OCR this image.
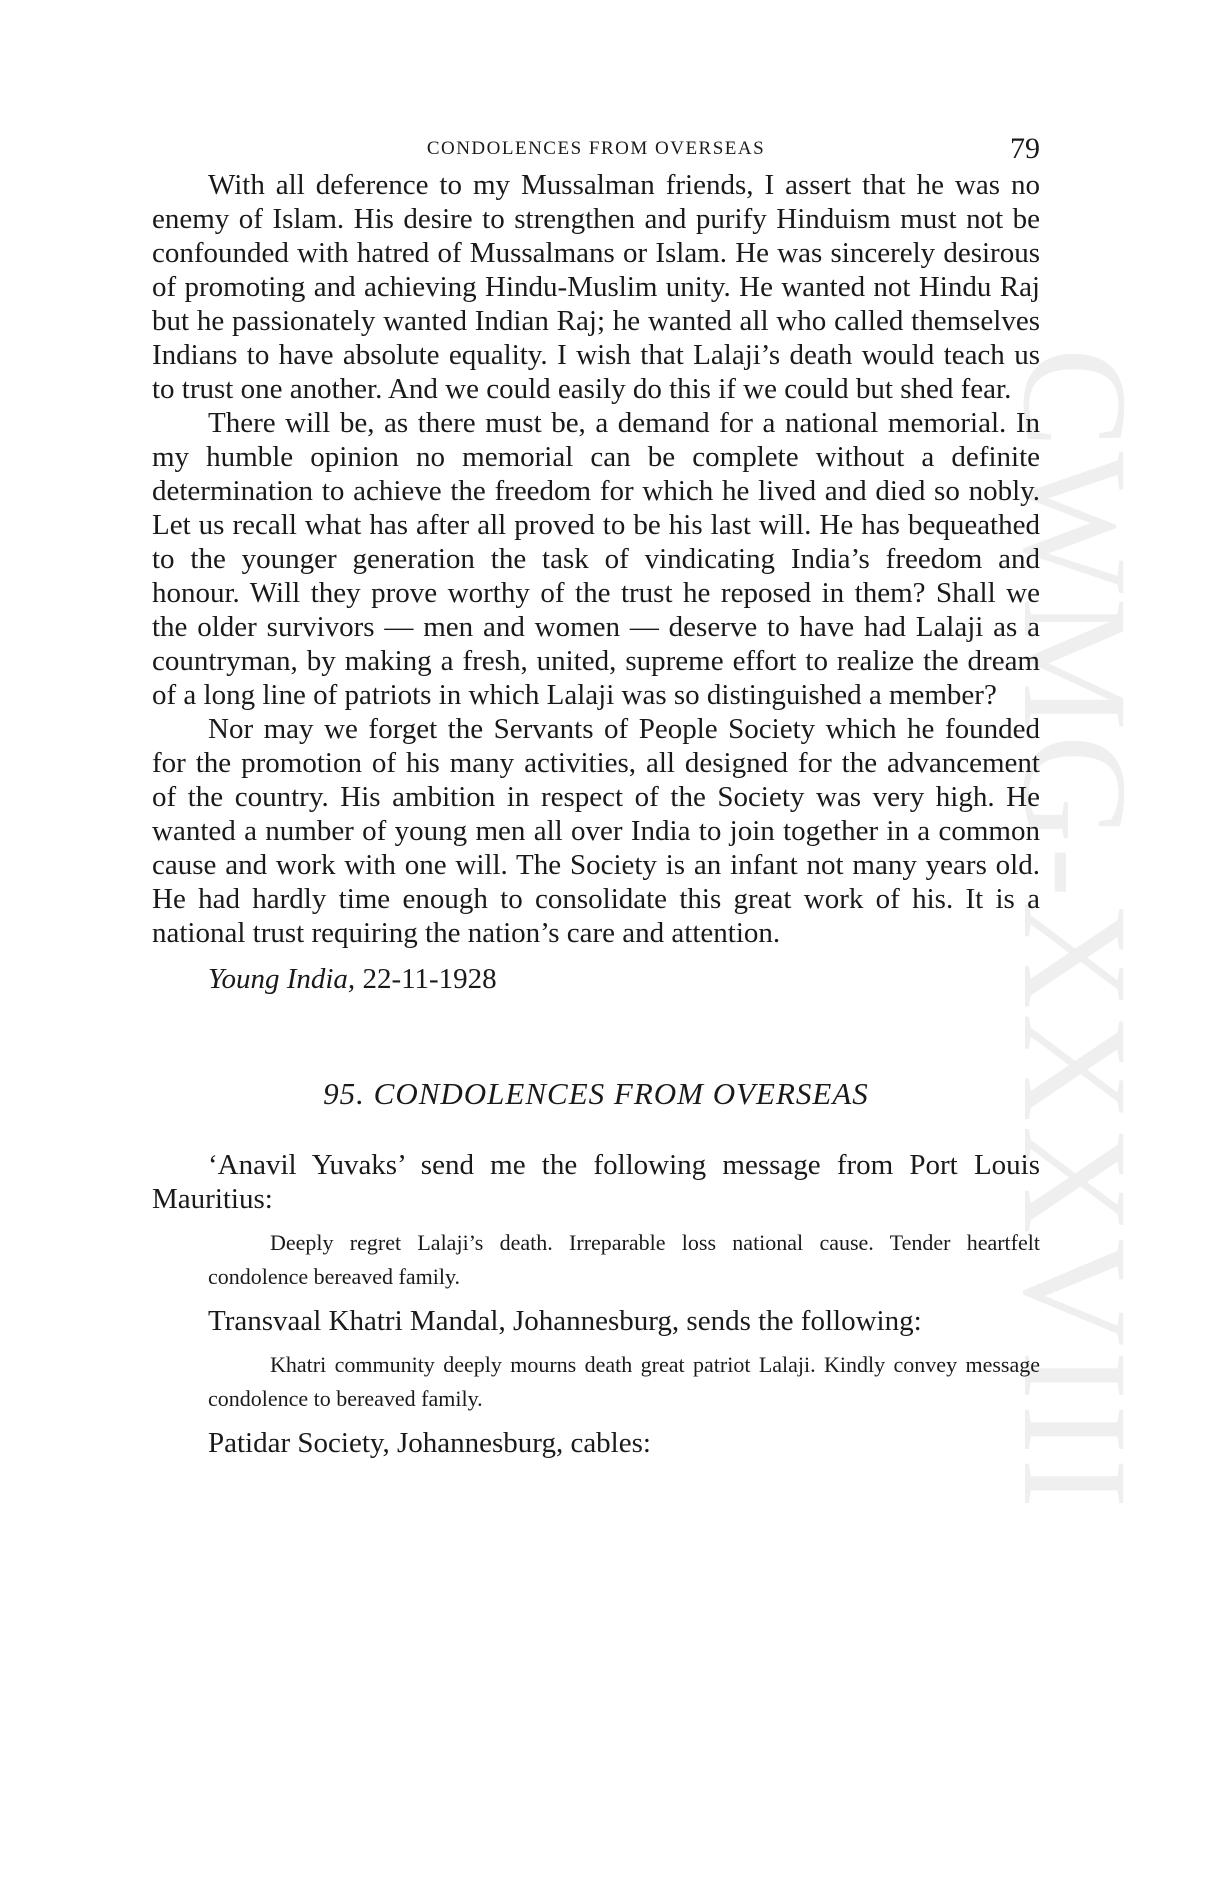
CWMG-XXXVIII
CONDOLENCES FROM OVERSEAS	79

With all deference to my Mussalman friends, I assert that he was no enemy of Islam. His desire to strengthen and purify Hinduism must not be confounded with hatred of Mussalmans or Islam. He was sincerely desirous of promoting and achieving Hindu-Muslim unity. He wanted not Hindu Raj but he passionately wanted Indian Raj; he wanted all who called themselves Indians to have absolute equality. I wish that Lalaji’s death would teach us to trust one another. And we could easily do this if we could but shed fear.

There will be, as there must be, a demand for a national memorial. In my humble opinion no memorial can be complete without a definite determination to achieve the freedom for which he lived and died so nobly. Let us recall what has after all proved to be his last will. He has bequeathed to the younger generation the task of vindicating India’s freedom and honour. Will they prove worthy of the trust he reposed in them? Shall we the older survivors — men and women — deserve to have had Lalaji as a countryman, by making a fresh, united, supreme effort to realize the dream of a long line of patriots in which Lalaji was so distinguished a member?

Nor may we forget the Servants of People Society which he founded for the promotion of his many activities, all designed for the advancement of the country. His ambition in respect of the Society was very high. He wanted a number of young men all over India to join together in a common cause and work with one will. The Society is an infant not many years old. He had hardly time enough to consolidate this great work of his. It is a national trust requiring the nation’s care and attention.

Young India, 22-11-1928
95. CONDOLENCES FROM OVERSEAS

‘Anavil Yuvaks’ send me the following message from Port Louis Mauritius:

Deeply regret Lalaji’s death. Irreparable loss national cause. Tender heartfelt condolence bereaved family.

Transvaal Khatri Mandal, Johannesburg, sends the following:

Khatri community deeply mourns death great patriot Lalaji. Kindly convey message condolence to bereaved family.

Patidar Society, Johannesburg, cables:
